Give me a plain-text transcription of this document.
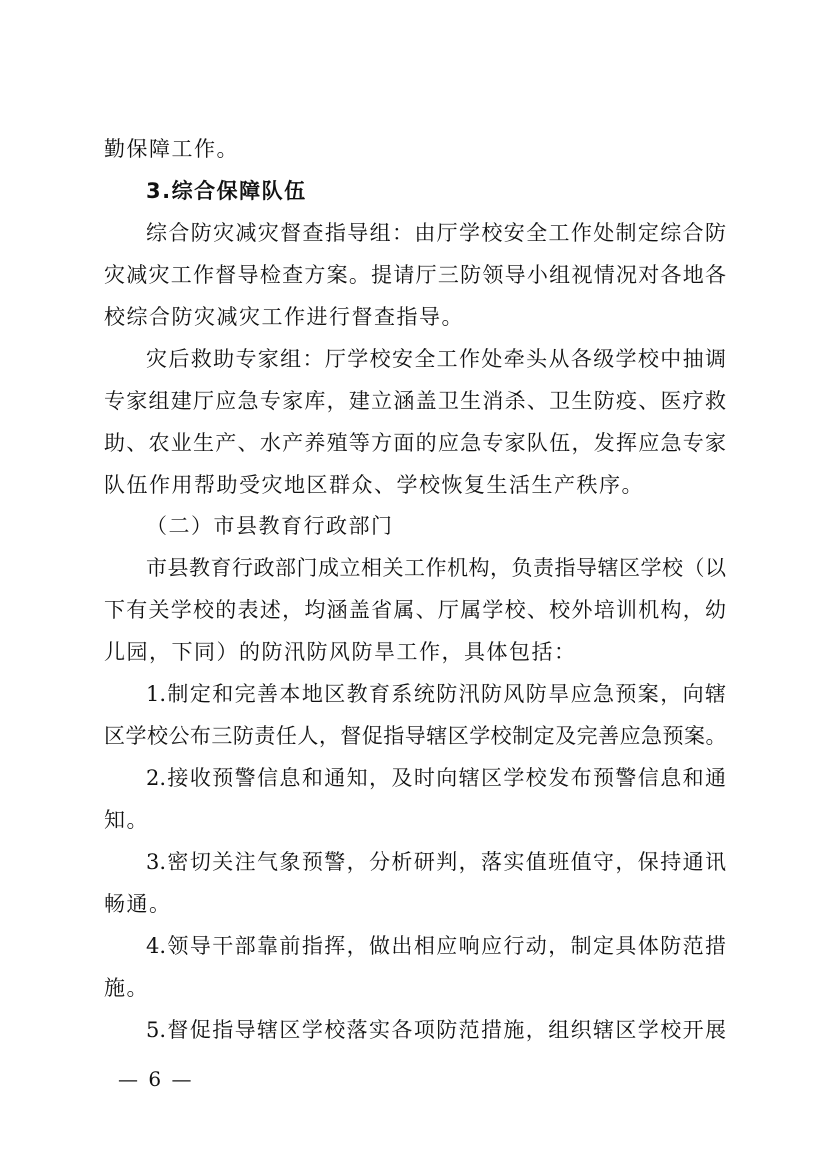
勤保障工作。
3.综合保障队伍
综合防灾减灾督查指导组：由厅学校安全工作处制定综合防
灾减灾工作督导检查方案。提请厅三防领导小组视情况对各地各
校综合防灾减灾工作进行督查指导。
灾后救助专家组：厅学校安全工作处牵头从各级学校中抽调
专家组建厅应急专家库，建立涵盖卫生消杀、卫生防疫、医疗救
助、农业生产、水产养殖等方面的应急专家队伍，发挥应急专家
队伍作用帮助受灾地区群众、学校恢复生活生产秩序。
（二）市县教育行政部门
市县教育行政部门成立相关工作机构，负责指导辖区学校（以
下有关学校的表述，均涵盖省属、厅属学校、校外培训机构，幼
儿园，下同）的防汛防风防旱工作，具体包括：
1.制定和完善本地区教育系统防汛防风防旱应急预案，向辖
区学校公布三防责任人，督促指导辖区学校制定及完善应急预案。
2.接收预警信息和通知，及时向辖区学校发布预警信息和通
知。
3.密切关注气象预警，分析研判，落实值班值守，保持通讯
畅通。
4.领导干部靠前指挥，做出相应响应行动，制定具体防范措
施。
5.督促指导辖区学校落实各项防范措施，组织辖区学校开展
— 6 —
